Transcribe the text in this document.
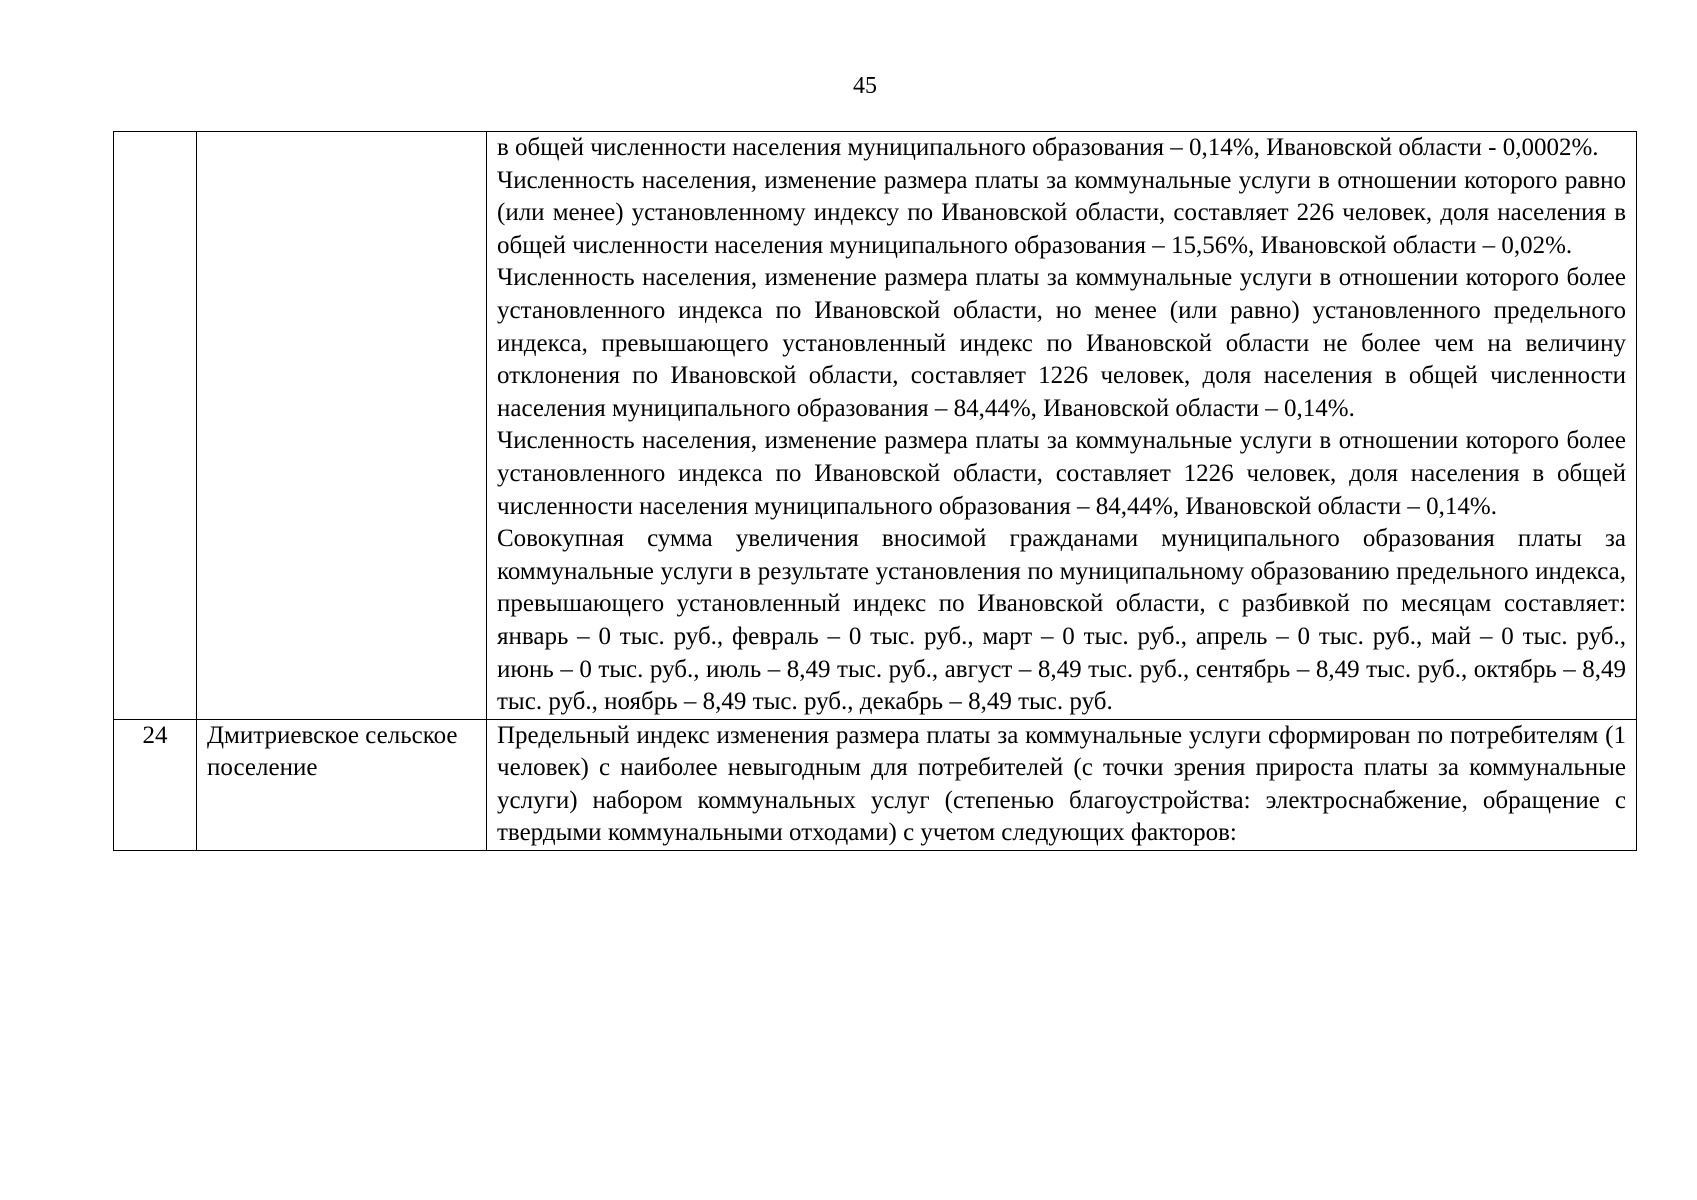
45

		в общей численности населения муниципального образования – 0,14%, Ивановской области - 0,0002%.

Численность населения, изменение размера платы за коммунальные услуги в отношении которого равно (или менее) установленному индексу по Ивановской области, составляет 226 человек, доля населения в общей численности населения муниципального образования – 15,56%, Ивановской области – 0,02%.

Численность населения, изменение размера платы за коммунальные услуги в отношении которого более установленного индекса по Ивановской области, но менее (или равно) установленного предельного индекса, превышающего установленный индекс по Ивановской области не более чем на величину отклонения по Ивановской области, составляет 1226 человек, доля населения в общей численности населения муниципального образования – 84,44%, Ивановской области – 0,14%.

Численность населения, изменение размера платы за коммунальные услуги в отношении которого более установленного индекса по Ивановской области, составляет 1226 человек, доля населения в общей численности населения муниципального образования – 84,44%, Ивановской области – 0,14%.

Совокупная сумма увеличения вносимой гражданами муниципального образования платы за коммунальные услуги в результате установления по муниципальному образованию предельного индекса, превышающего установленный индекс по Ивановской области, с разбивкой по месяцам составляет: январь – 0 тыс. руб., февраль – 0 тыс. руб., март – 0 тыс. руб., апрель – 0 тыс. руб., май – 0 тыс. руб., июнь – 0 тыс. руб., июль – 8,49 тыс. руб., август – 8,49 тыс. руб., сентябрь – 8,49 тыс. руб., октябрь – 8,49 тыс. руб., ноябрь – 8,49 тыс. руб., декабрь – 8,49 тыс. руб.

24	Дмитриевское сельское поселение	Предельный индекс изменения размера платы за коммунальные услуги сформирован по потребителям (1 человек) с наиболее невыгодным для потребителей (с точки зрения прироста платы за коммунальные услуги) набором коммунальных услуг (степенью благоустройства: электроснабжение, обращение с твердыми коммунальными отходами) с учетом следующих факторов:
